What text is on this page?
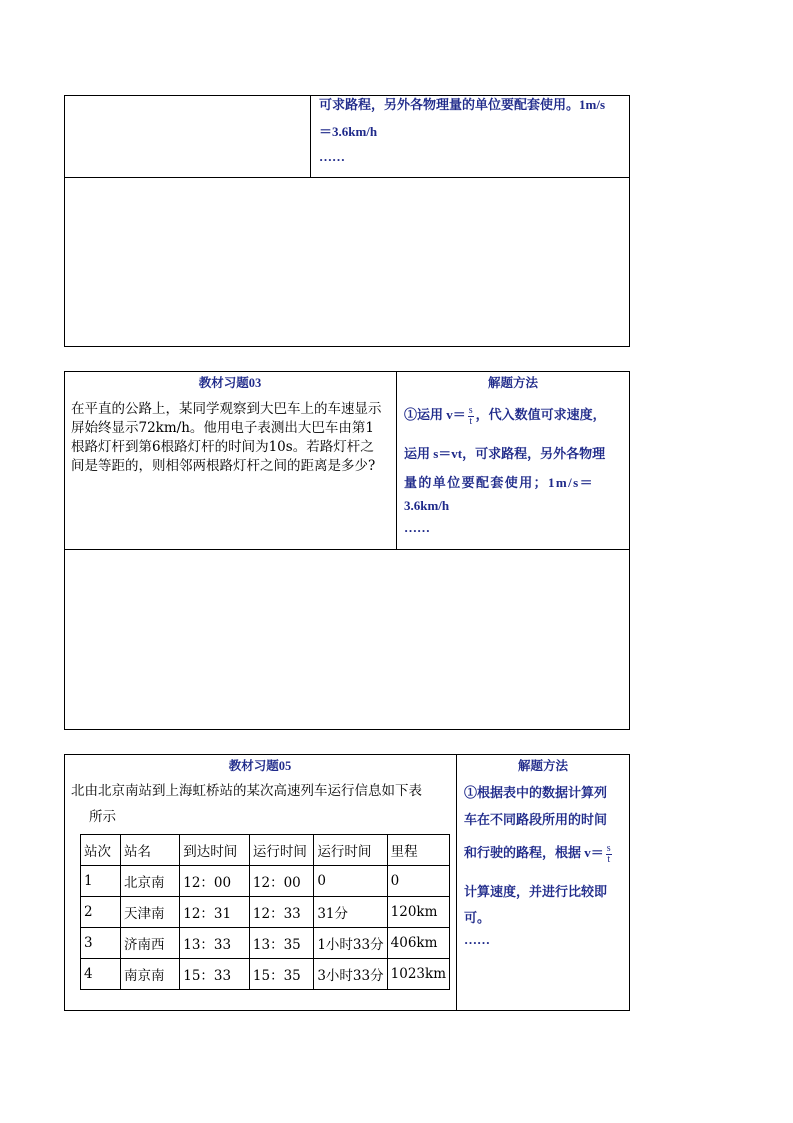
可求路程，另外各物理量的单位要配套使用。1m/s
＝3.6km/h
……
教材习题03	解题方法
在平直的公路上，某同学观察到大巴车上的车速显示
屏始终显示72km/h。他用电子表测出大巴车由第1
根路灯杆到第6根路灯杆的时间为10s。若路灯杆之
间是等距的，则相邻两根路灯杆之间的距离是多少?
①运用 $v= \frac{s}{t}$ ，代入数值可求速度，
运用 s＝vt，可求路程，另外各物理
量的单位要配套使用；1m/s＝
3.6km/h
……
教材习题05	解题方法
北由北京南站到上海虹桥站的某次高速列车运行信息如下表
所示
站次	站名	到达时间	运行时间	运行时间	里程
1	北京南	12：00	12：00	0	0
2	天津南	12：31	12：33	31分	120km
3	济南西	13：33	13：35	1小时33分	406km
4	南京南	15：33	15：35	3小时33分	1023km
①根据表中的数据计算列
车在不同路段所用的时间
和行驶的路程，根据 $v= \frac{s}{t}$
计算速度，并进行比较即
可。
……
